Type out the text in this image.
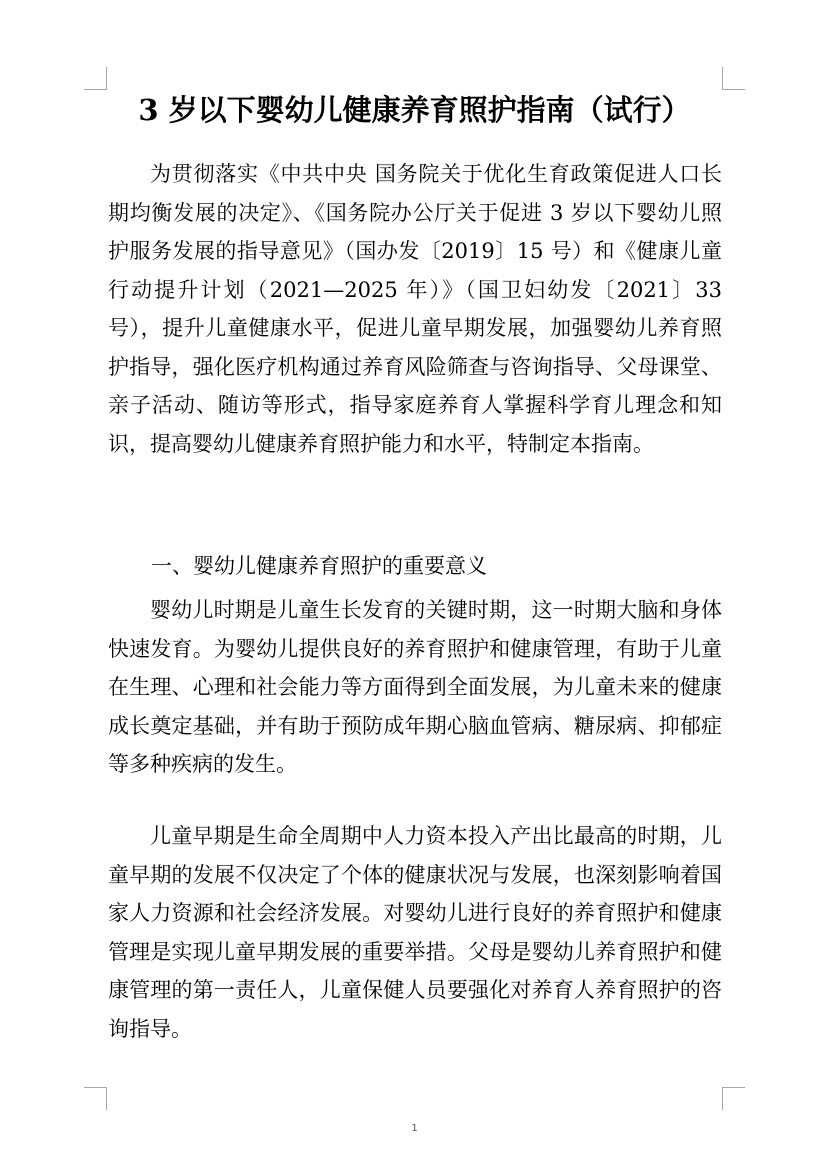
3 岁以下婴幼儿健康养育照护指南（试行）

为贯彻落实《中共中央 国务院关于优化生育政策促进人口长期均衡发展的决定》、《国务院办公厅关于促进 3 岁以下婴幼儿照护服务发展的指导意见》（国办发〔2019〕15 号）和《健康儿童行动提升计划（2021—2025 年）》（国卫妇幼发〔2021〕33 号），提升儿童健康水平，促进儿童早期发展，加强婴幼儿养育照护指导，强化医疗机构通过养育风险筛查与咨询指导、父母课堂、亲子活动、随访等形式，指导家庭养育人掌握科学育儿理念和知识，提高婴幼儿健康养育照护能力和水平，特制定本指南。

一、婴幼儿健康养育照护的重要意义

婴幼儿时期是儿童生长发育的关键时期，这一时期大脑和身体快速发育。为婴幼儿提供良好的养育照护和健康管理，有助于儿童在生理、心理和社会能力等方面得到全面发展，为儿童未来的健康成长奠定基础，并有助于预防成年期心脑血管病、糖尿病、抑郁症等多种疾病的发生。

儿童早期是生命全周期中人力资本投入产出比最高的时期，儿童早期的发展不仅决定了个体的健康状况与发展，也深刻影响着国家人力资源和社会经济发展。对婴幼儿进行良好的养育照护和健康管理是实现儿童早期发展的重要举措。父母是婴幼儿养育照护和健康管理的第一责任人，儿童保健人员要强化对养育人养育照护的咨询指导。

1
